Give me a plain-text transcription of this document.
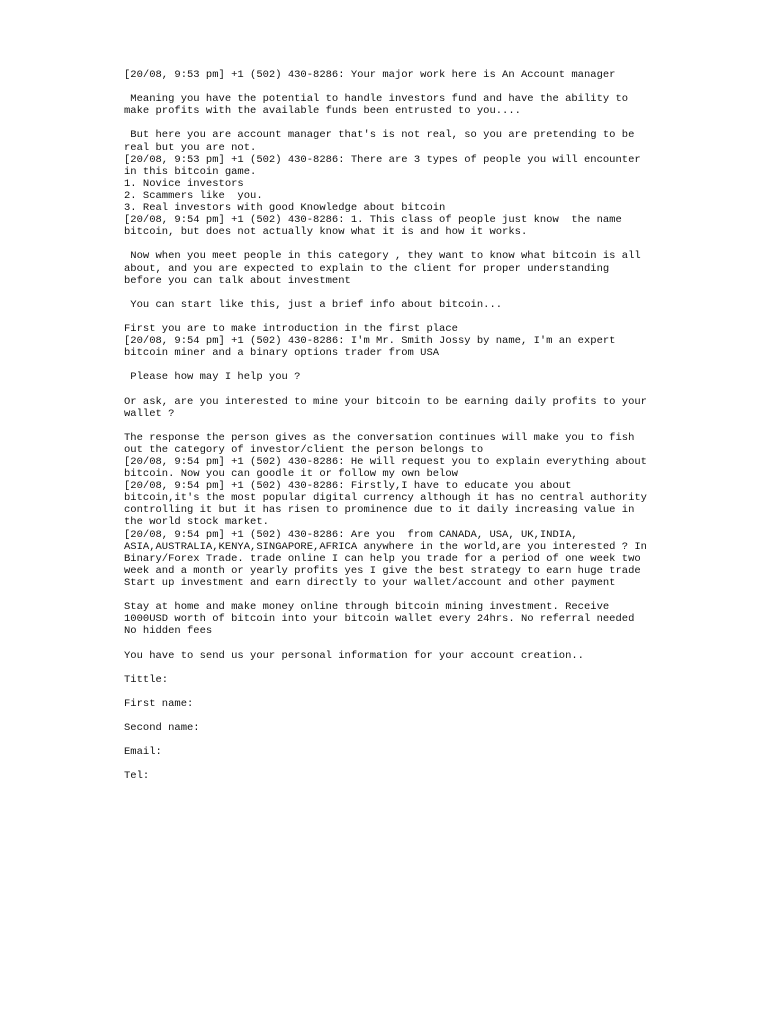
[20/08, 9:53 pm] +1 (502) 430-8286: Your major work here is An Account manager
Meaning you have the potential to handle investors fund and have the ability to
make profits with the available funds been entrusted to you....
But here you are account manager that's is not real, so you are pretending to be
real but you are not.
[20/08, 9:53 pm] +1 (502) 430-8286: There are 3 types of people you will encounter
in this bitcoin game.
1. Novice investors
2. Scammers like  you.
3. Real investors with good Knowledge about bitcoin
[20/08, 9:54 pm] +1 (502) 430-8286: 1. This class of people just know  the name
bitcoin, but does not actually know what it is and how it works.
Now when you meet people in this category , they want to know what bitcoin is all
about, and you are expected to explain to the client for proper understanding
before you can talk about investment
You can start like this, just a brief info about bitcoin...
First you are to make introduction in the first place
[20/08, 9:54 pm] +1 (502) 430-8286: I'm Mr. Smith Jossy by name, I'm an expert
bitcoin miner and a binary options trader from USA
Please how may I help you ?
Or ask, are you interested to mine your bitcoin to be earning daily profits to your
wallet ?
The response the person gives as the conversation continues will make you to fish
out the category of investor/client the person belongs to
[20/08, 9:54 pm] +1 (502) 430-8286: He will request you to explain everything about
bitcoin. Now you can goodle it or follow my own below
[20/08, 9:54 pm] +1 (502) 430-8286: Firstly,I have to educate you about
bitcoin,it's the most popular digital currency although it has no central authority
controlling it but it has risen to prominence due to it daily increasing value in
the world stock market.
[20/08, 9:54 pm] +1 (502) 430-8286: Are you  from CANADA, USA, UK,INDIA,
ASIA,AUSTRALIA,KENYA,SINGAPORE,AFRICA anywhere in the world,are you interested ? In
Binary/Forex Trade. trade online I can help you trade for a period of one week two
week and a month or yearly profits yes I give the best strategy to earn huge trade
Start up investment and earn directly to your wallet/account and other payment
Stay at home and make money online through bitcoin mining investment. Receive
1000USD worth of bitcoin into your bitcoin wallet every 24hrs. No referral needed
No hidden fees
You have to send us your personal information for your account creation..
Tittle:
First name:
Second name:
Email:
Tel:
